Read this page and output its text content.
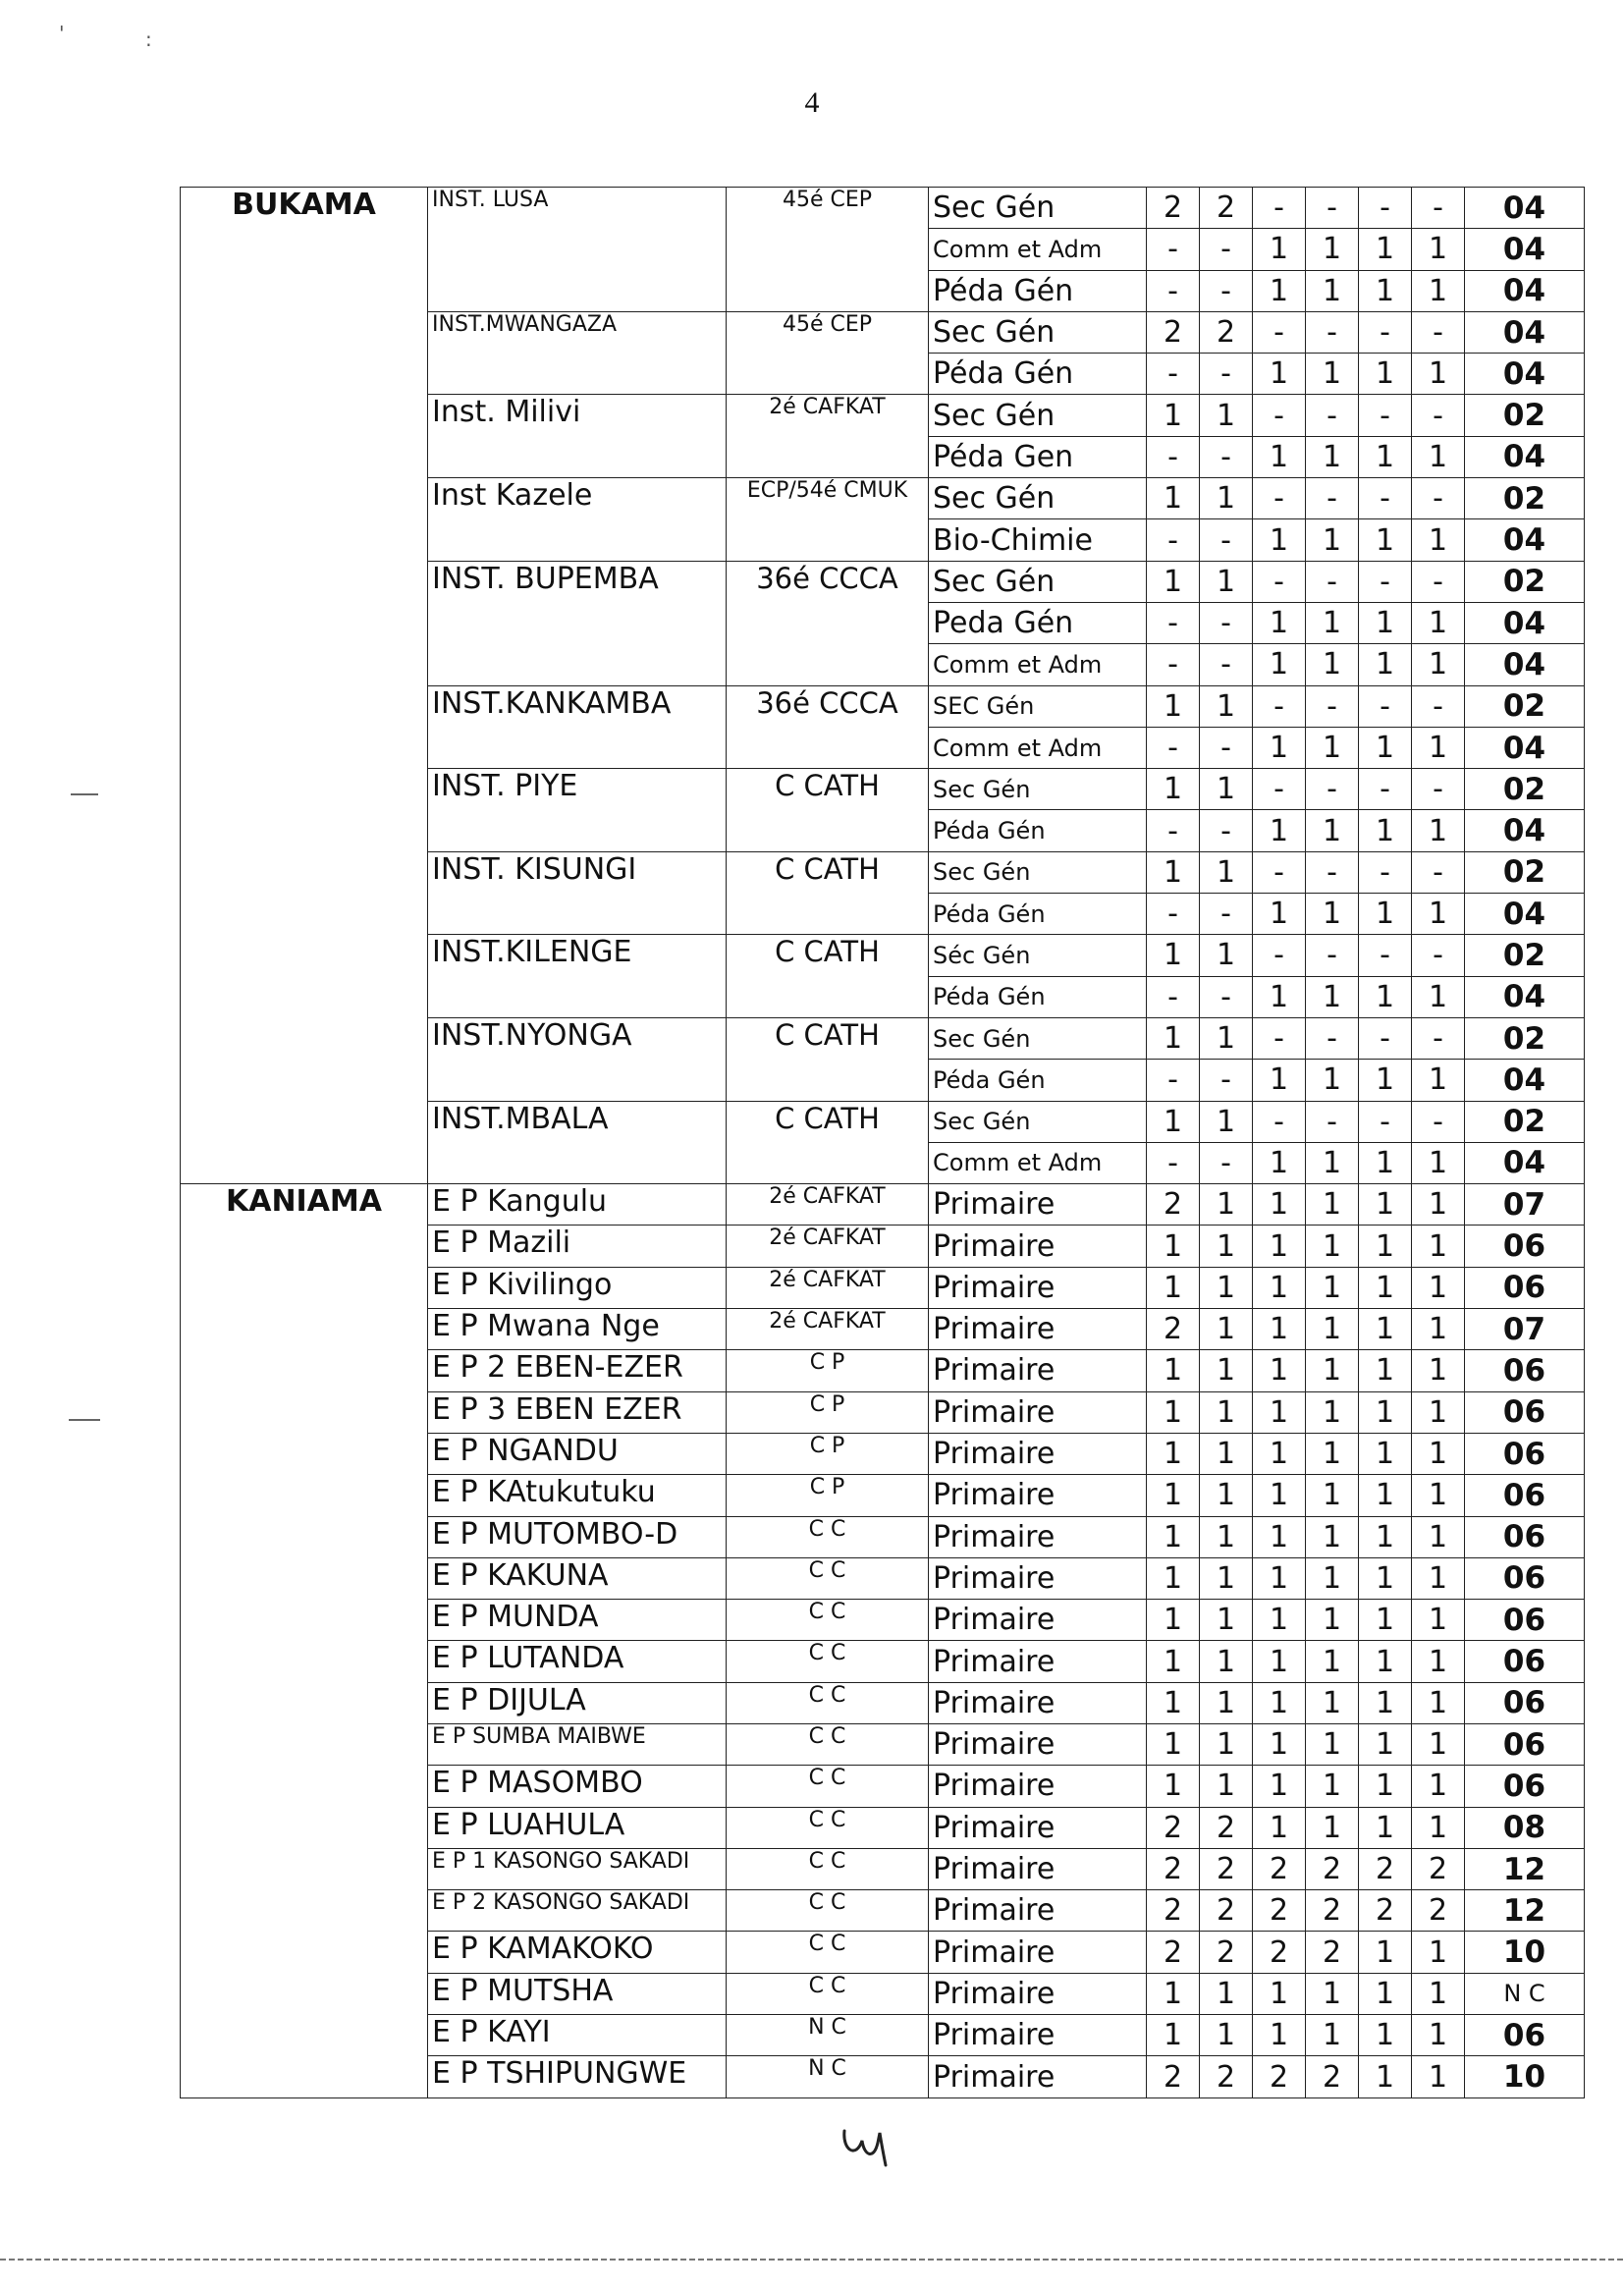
4
'	:
BUKAMA	INST. LUSA	45é CEP	Sec Gén	2	2	-	-	-	-	04
			Comm et Adm	-	-	1	1	1	1	04
			Péda Gén	-	-	1	1	1	1	04
	INST.MWANGAZA	45é CEP	Sec Gén	2	2	-	-	-	-	04
			Péda Gén	-	-	1	1	1	1	04
	Inst. Milivi	2é CAFKAT	Sec Gén	1	1	-	-	-	-	02
			Péda Gen	-	-	1	1	1	1	04
	Inst Kazele	ECP/54é CMUK	Sec Gén	1	1	-	-	-	-	02
			Bio-Chimie	-	-	1	1	1	1	04
	INST. BUPEMBA	36é CCCA	Sec Gén	1	1	-	-	-	-	02
			Peda Gén	-	-	1	1	1	1	04
			Comm et Adm	-	-	1	1	1	1	04
	INST.KANKAMBA	36é CCCA	SEC Gén	1	1	-	-	-	-	02
			Comm et Adm	-	-	1	1	1	1	04
	INST. PIYE	C CATH	Sec Gén	1	1	-	-	-	-	02
			Péda Gén	-	-	1	1	1	1	04
	INST. KISUNGI	C CATH	Sec Gén	1	1	-	-	-	-	02
			Péda Gén	-	-	1	1	1	1	04
	INST.KILENGE	C CATH	Séc Gén	1	1	-	-	-	-	02
			Péda Gén	-	-	1	1	1	1	04
	INST.NYONGA	C CATH	Sec Gén	1	1	-	-	-	-	02
			Péda Gén	-	-	1	1	1	1	04
	INST.MBALA	C CATH	Sec Gén	1	1	-	-	-	-	02
			Comm et Adm	-	-	1	1	1	1	04
KANIAMA	E P Kangulu	2é CAFKAT	Primaire	2	1	1	1	1	1	07
	E P Mazili	2é CAFKAT	Primaire	1	1	1	1	1	1	06
	E P Kivilingo	2é CAFKAT	Primaire	1	1	1	1	1	1	06
	E P Mwana Nge	2é CAFKAT	Primaire	2	1	1	1	1	1	07
	E P 2 EBEN-EZER	C P	Primaire	1	1	1	1	1	1	06
	E P 3 EBEN EZER	C P	Primaire	1	1	1	1	1	1	06
	E P NGANDU	C P	Primaire	1	1	1	1	1	1	06
	E P KAtukutuku	C P	Primaire	1	1	1	1	1	1	06
	E P MUTOMBO-D	C C	Primaire	1	1	1	1	1	1	06
	E P KAKUNA	C C	Primaire	1	1	1	1	1	1	06
	E P MUNDA	C C	Primaire	1	1	1	1	1	1	06
	E P LUTANDA	C C	Primaire	1	1	1	1	1	1	06
	E P DIJULA	C C	Primaire	1	1	1	1	1	1	06
	E P SUMBA MAIBWE	C C	Primaire	1	1	1	1	1	1	06
	E P MASOMBO	C C	Primaire	1	1	1	1	1	1	06
	E P LUAHULA	C C	Primaire	2	2	1	1	1	1	08
	E P 1 KASONGO SAKADI	C C	Primaire	2	2	2	2	2	2	12
	E P 2 KASONGO SAKADI	C C	Primaire	2	2	2	2	2	2	12
	E P KAMAKOKO	C C	Primaire	2	2	2	2	1	1	10
	E P MUTSHA	C C	Primaire	1	1	1	1	1	1	N C
	E P KAYI	N C	Primaire	1	1	1	1	1	1	06
	E P TSHIPUNGWE	N C	Primaire	2	2	2	2	1	1	10
